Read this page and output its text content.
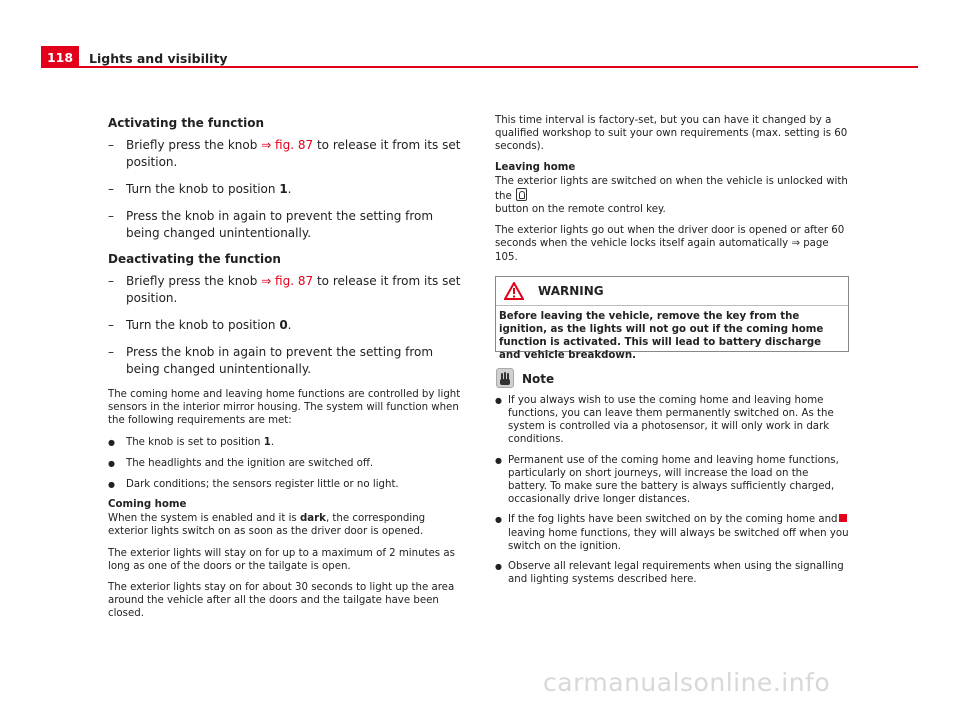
118	Lights and visibility
Activating the function
– Briefly press the knob ⇒ fig. 87 to release it from its set position.
– Turn the knob to position 1.
– Press the knob in again to prevent the setting from being changed unintentionally.
Deactivating the function
– Briefly press the knob ⇒ fig. 87 to release it from its set position.
– Turn the knob to position 0.
– Press the knob in again to prevent the setting from being changed unintentionally.

The coming home and leaving home functions are controlled by light sensors in the interior mirror housing. The system will function when the following requirements are met:

● The knob is set to position 1.
● The headlights and the ignition are switched off.
● Dark conditions; the sensors register little or no light.
Coming home

When the system is enabled and it is dark, the corresponding exterior lights switch on as soon as the driver door is opened.

The exterior lights will stay on for up to a maximum of 2 minutes as long as one of the doors or the tailgate is open.

The exterior lights stay on for about 30 seconds to light up the area around the vehicle after all the doors and the tailgate have been closed.

This time interval is factory-set, but you can have it changed by a qualified workshop to suit your own requirements (max. setting is 60 seconds).

Leaving home

The exterior lights are switched on when the vehicle is unlocked with the
button on the remote control key.

The exterior lights go out when the driver door is opened or after 60 seconds when the vehicle locks itself again automatically ⇒ page 105.

WARNING
Before leaving the vehicle, remove the key from the ignition, as the lights will not go out if the coming home function is activated. This will lead to battery discharge and vehicle breakdown.
Note
● If you always wish to use the coming home and leaving home functions, you can leave them permanently switched on. As the system is controlled via a photosensor, it will only work in dark conditions.
● Permanent use of the coming home and leaving home functions, particularly on short journeys, will increase the load on the battery. To make sure the battery is always sufficiently charged, occasionally drive longer distances.
● If the fog lights have been switched on by the coming home and leaving home functions, they will always be switched off when you switch on the ignition.
● Observe all relevant legal requirements when using the signalling and lighting systems described here.
carmanualsonline.info
